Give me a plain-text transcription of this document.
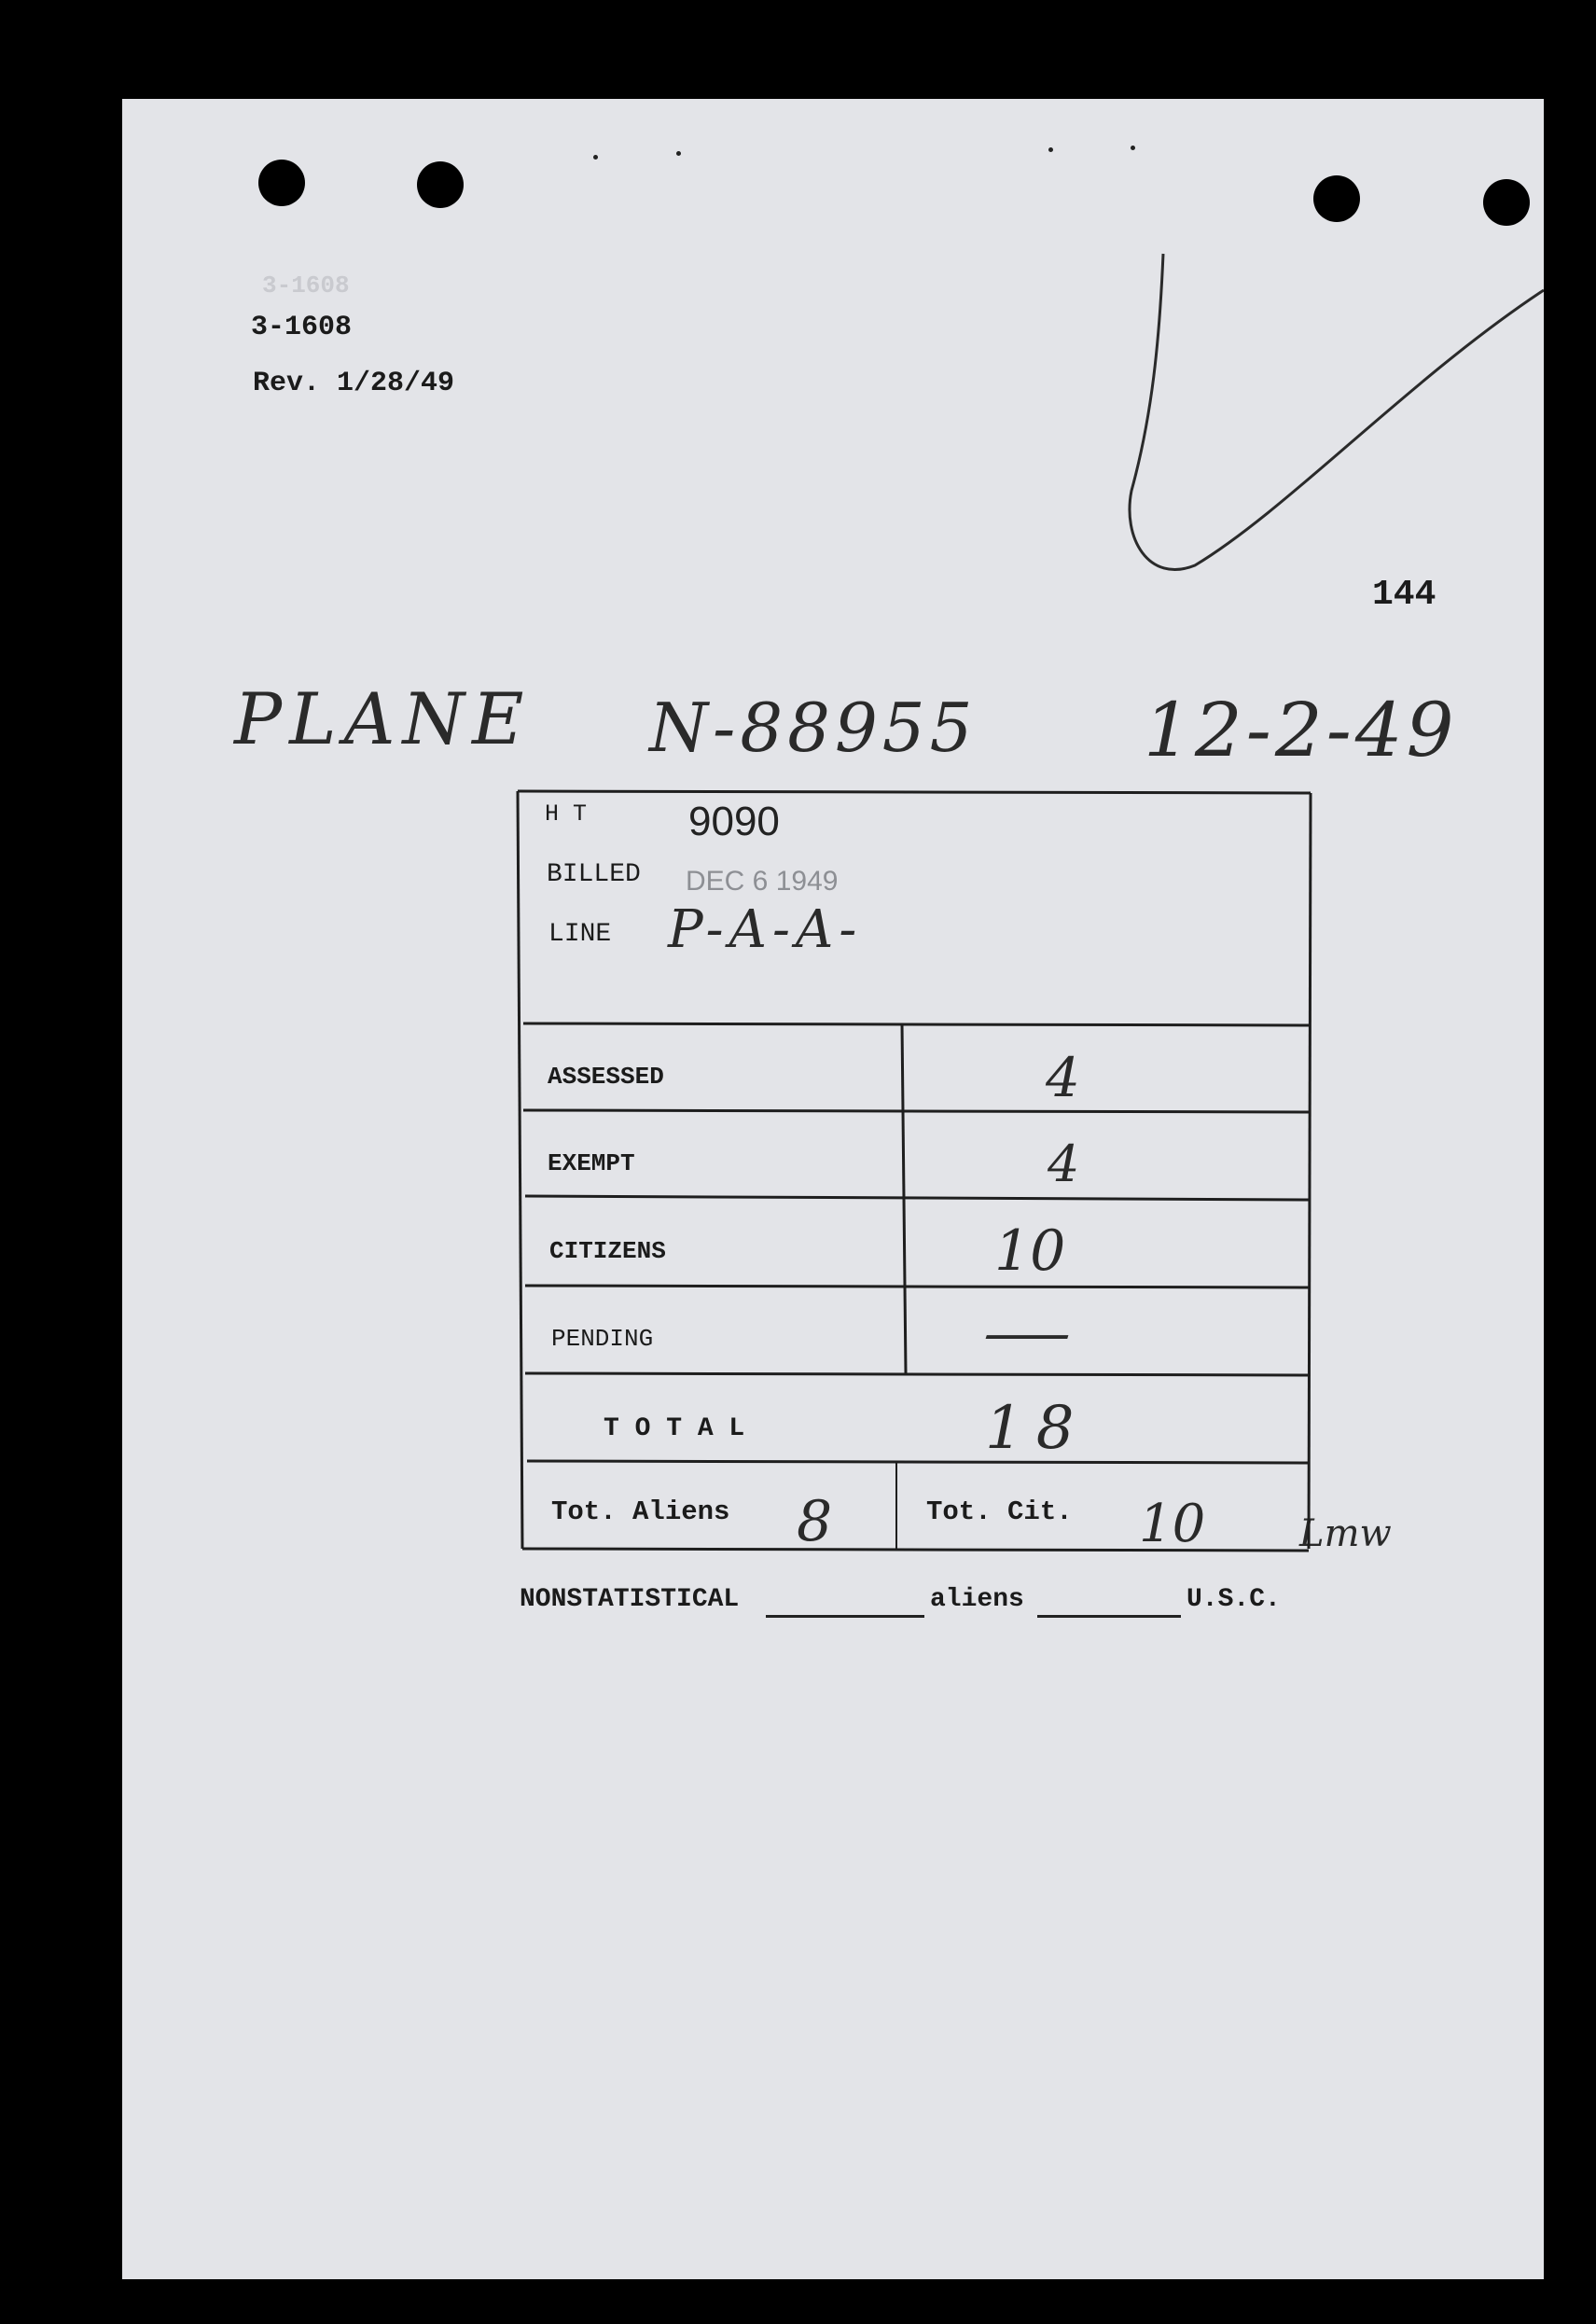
3-1608
3-1608
Rev. 1/28/49
144
PLANE N-88955 12-2-49
H T 9090
BILLED DEC 6 1949
LINE P-A-A-
ASSESSED	4
EXEMPT	4
CITIZENS	10
PENDING	—
T O T A L	18
Tot. Aliens 8	Tot. Cit. 10	Lmw
NONSTATISTICAL	aliens	U.S.C.
